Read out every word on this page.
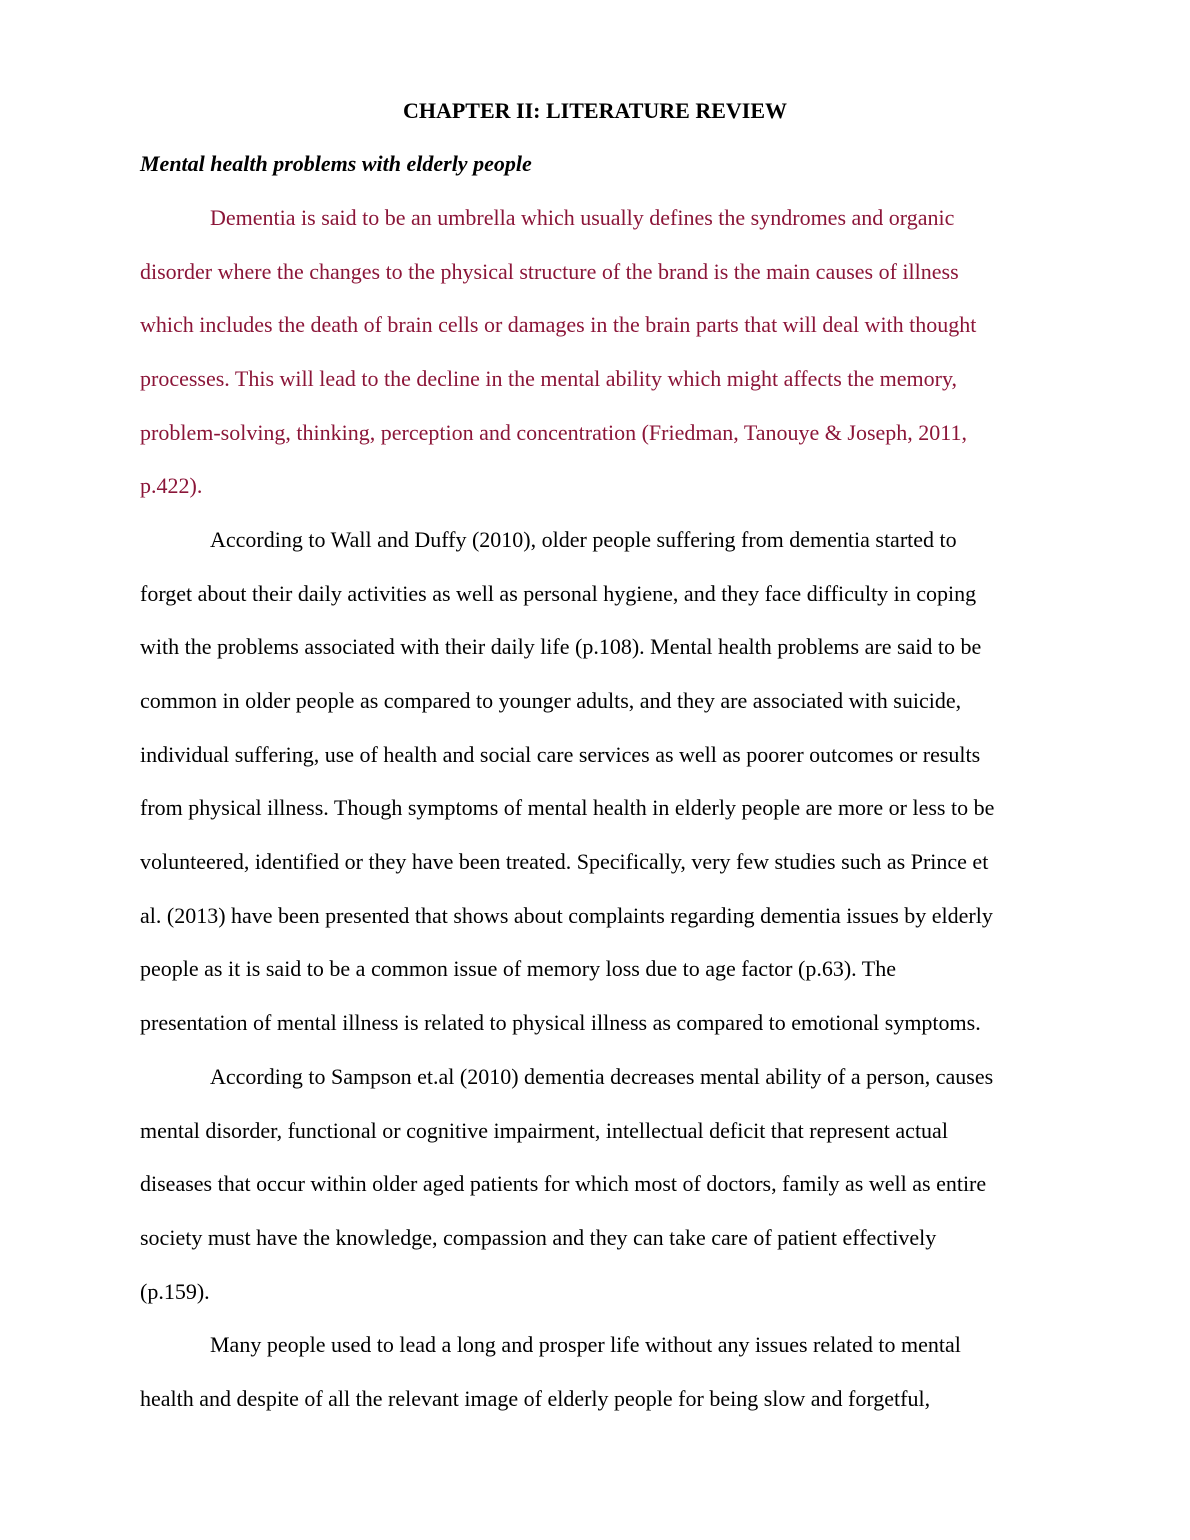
CHAPTER II: LITERATURE REVIEW
Mental health problems with elderly people
Dementia is said to be an umbrella which usually defines the syndromes and organic
disorder where the changes to the physical structure of the brand is the main causes of illness
which includes the death of brain cells or damages in the brain parts that will deal with thought
processes. This will lead to the decline in the mental ability which might affects the memory,
problem-solving, thinking, perception and concentration (Friedman, Tanouye & Joseph, 2011,
p.422).
According to Wall and Duffy (2010), older people suffering from dementia started to
forget about their daily activities as well as personal hygiene, and they face difficulty in coping
with the problems associated with their daily life (p.108). Mental health problems are said to be
common in older people as compared to younger adults, and they are associated with suicide,
individual suffering, use of health and social care services as well as poorer outcomes or results
from physical illness. Though symptoms of mental health in elderly people are more or less to be
volunteered, identified or they have been treated. Specifically, very few studies such as Prince et
al. (2013) have been presented that shows about complaints regarding dementia issues by elderly
people as it is said to be a common issue of memory loss due to age factor (p.63). The
presentation of mental illness is related to physical illness as compared to emotional symptoms.
According to Sampson et.al (2010) dementia decreases mental ability of a person, causes
mental disorder, functional or cognitive impairment, intellectual deficit that represent actual
diseases that occur within older aged patients for which most of doctors, family as well as entire
society must have the knowledge, compassion and they can take care of patient effectively
(p.159).
Many people used to lead a long and prosper life without any issues related to mental
health and despite of all the relevant image of elderly people for being slow and forgetful,
